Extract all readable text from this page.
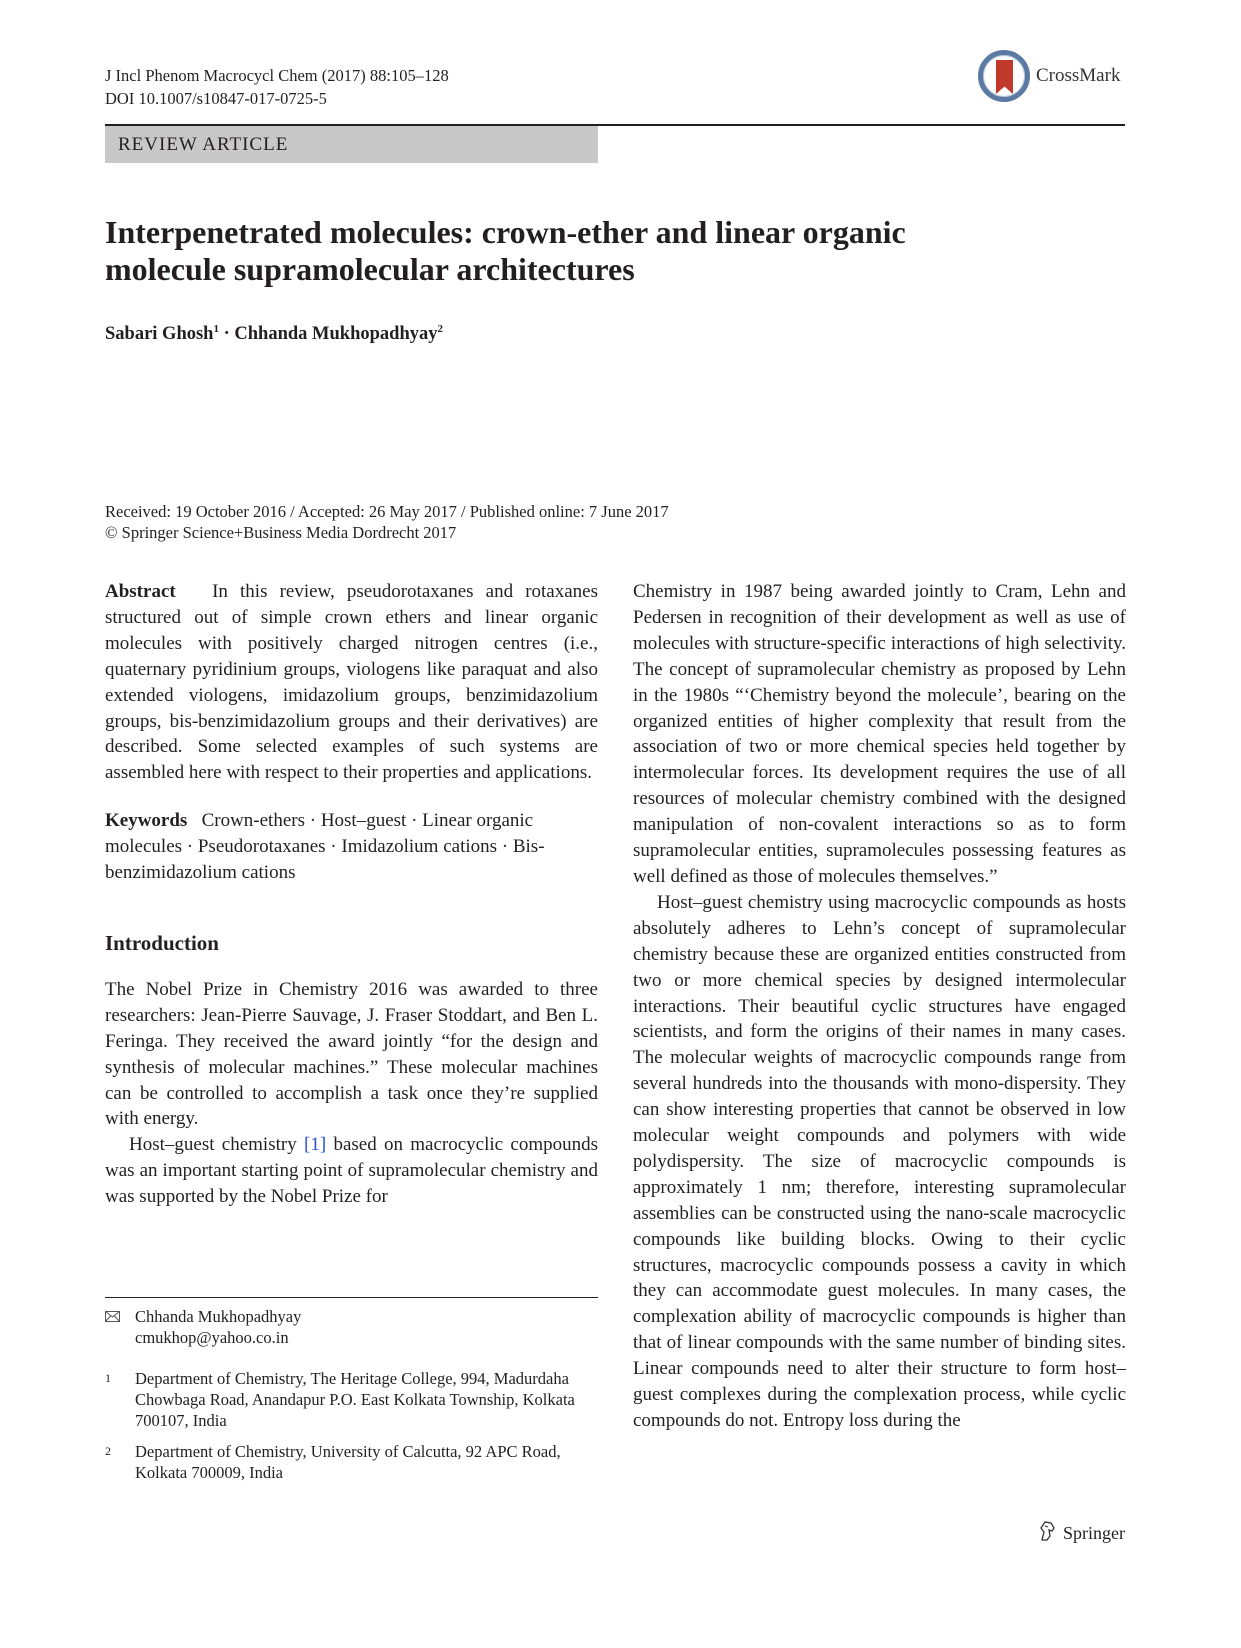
J Incl Phenom Macrocycl Chem (2017) 88:105–128
DOI 10.1007/s10847-017-0725-5
CrossMark
REVIEW ARTICLE
Interpenetrated molecules: crown-ether and linear organic molecule supramolecular architectures
Sabari Ghosh$^1$ · Chhanda Mukhopadhyay$^2$
Received: 19 October 2016 / Accepted: 26 May 2017 / Published online: 7 June 2017
© Springer Science+Business Media Dordrecht 2017

Abstract In this review, pseudorotaxanes and rotaxanes structured out of simple crown ethers and linear organic molecules with positively charged nitrogen centres (i.e., quaternary pyridinium groups, viologens like paraquat and also extended viologens, imidazolium groups, benzimidazolium groups, bis-benzimidazolium groups and their derivatives) are described. Some selected examples of such systems are assembled here with respect to their properties and applications.

Keywords Crown-ethers · Host–guest · Linear organic molecules · Pseudorotaxanes · Imidazolium cations · Bis-benzimidazolium cations

Introduction

The Nobel Prize in Chemistry 2016 was awarded to three researchers: Jean-Pierre Sauvage, J. Fraser Stoddart, and Ben L. Feringa. They received the award jointly “for the design and synthesis of molecular machines.” These molecular machines can be controlled to accomplish a task once they’re supplied with energy.

Host–guest chemistry [1] based on macrocyclic compounds was an important starting point of supramolecular chemistry and was supported by the Nobel Prize for

Chemistry in 1987 being awarded jointly to Cram, Lehn and Pedersen in recognition of their development as well as use of molecules with structure-specific interactions of high selectivity. The concept of supramolecular chemistry as proposed by Lehn in the 1980s “‘Chemistry beyond the molecule’, bearing on the organized entities of higher complexity that result from the association of two or more chemical species held together by intermolecular forces. Its development requires the use of all resources of molecular chemistry combined with the designed manipulation of non-covalent interactions so as to form supramolecular entities, supramolecules possessing features as well defined as those of molecules themselves.”

Host–guest chemistry using macrocyclic compounds as hosts absolutely adheres to Lehn’s concept of supramolecular chemistry because these are organized entities constructed from two or more chemical species by designed intermolecular interactions. Their beautiful cyclic structures have engaged scientists, and form the origins of their names in many cases. The molecular weights of macrocyclic compounds range from several hundreds into the thousands with mono-dispersity. They can show interesting properties that cannot be observed in low molecular weight compounds and polymers with wide polydispersity. The size of macrocyclic compounds is approximately 1 nm; therefore, interesting supramolecular assemblies can be constructed using the nano-scale macrocyclic compounds like building blocks. Owing to their cyclic structures, macrocyclic compounds possess a cavity in which they can accommodate guest molecules. In many cases, the complexation ability of macrocyclic compounds is higher than that of linear compounds with the same number of binding sites. Linear compounds need to alter their structure to form host–guest complexes during the complexation process, while cyclic compounds do not. Entropy loss during the

Chhanda Mukhopadhyay
cmukhop@yahoo.co.in
1 Department of Chemistry, The Heritage College, 994, Madurdaha Chowbaga Road, Anandapur P.O. East Kolkata Township, Kolkata 700107, India
2 Department of Chemistry, University of Calcutta, 92 APC Road, Kolkata 700009, India
Springer
